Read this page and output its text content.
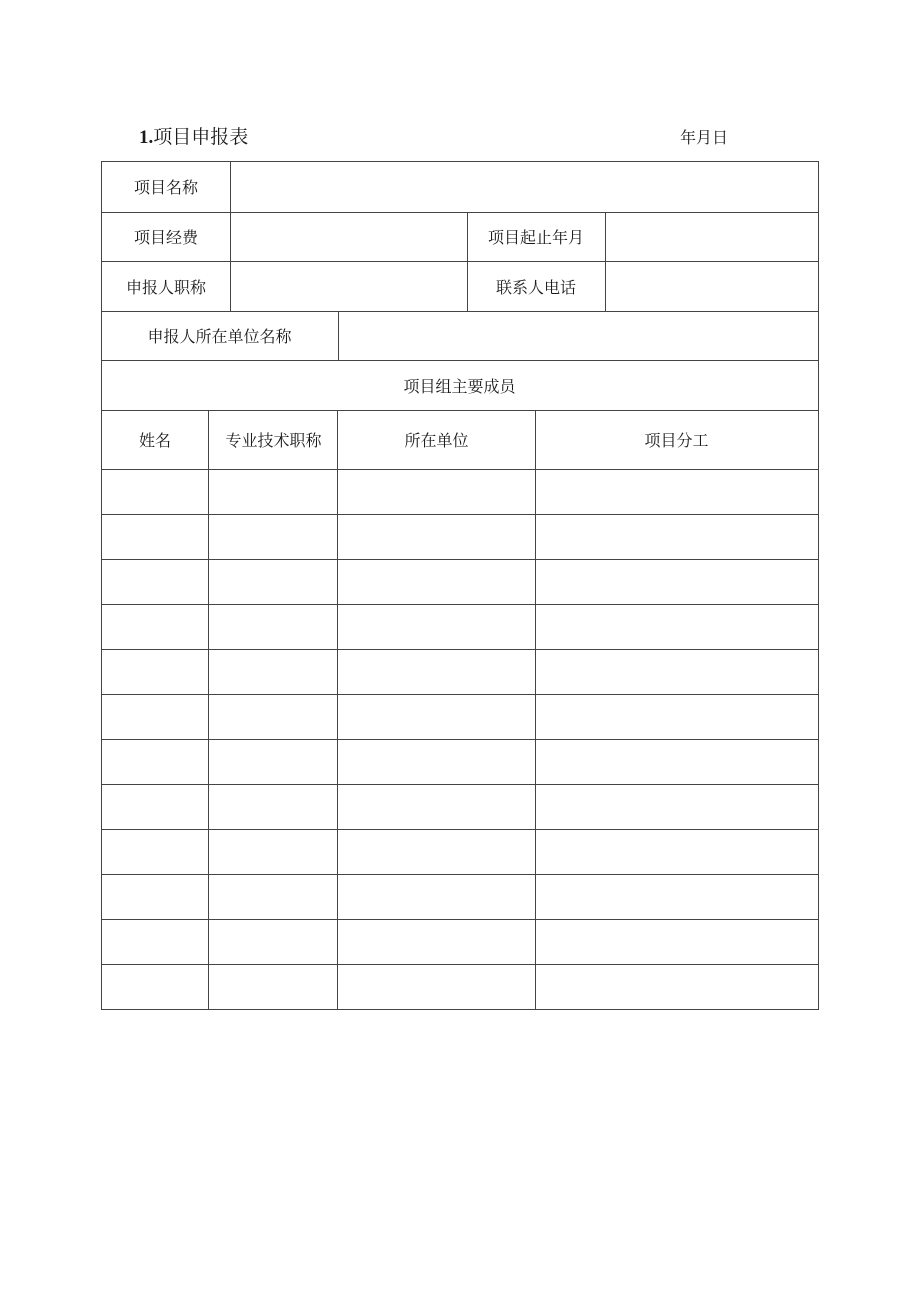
1.项目申报表	年月日
项目名称
项目经费	项目起止年月
申报人职称	联系人电话
申报人所在单位名称
项目组主要成员
姓名	专业技术职称	所在单位	项目分工
